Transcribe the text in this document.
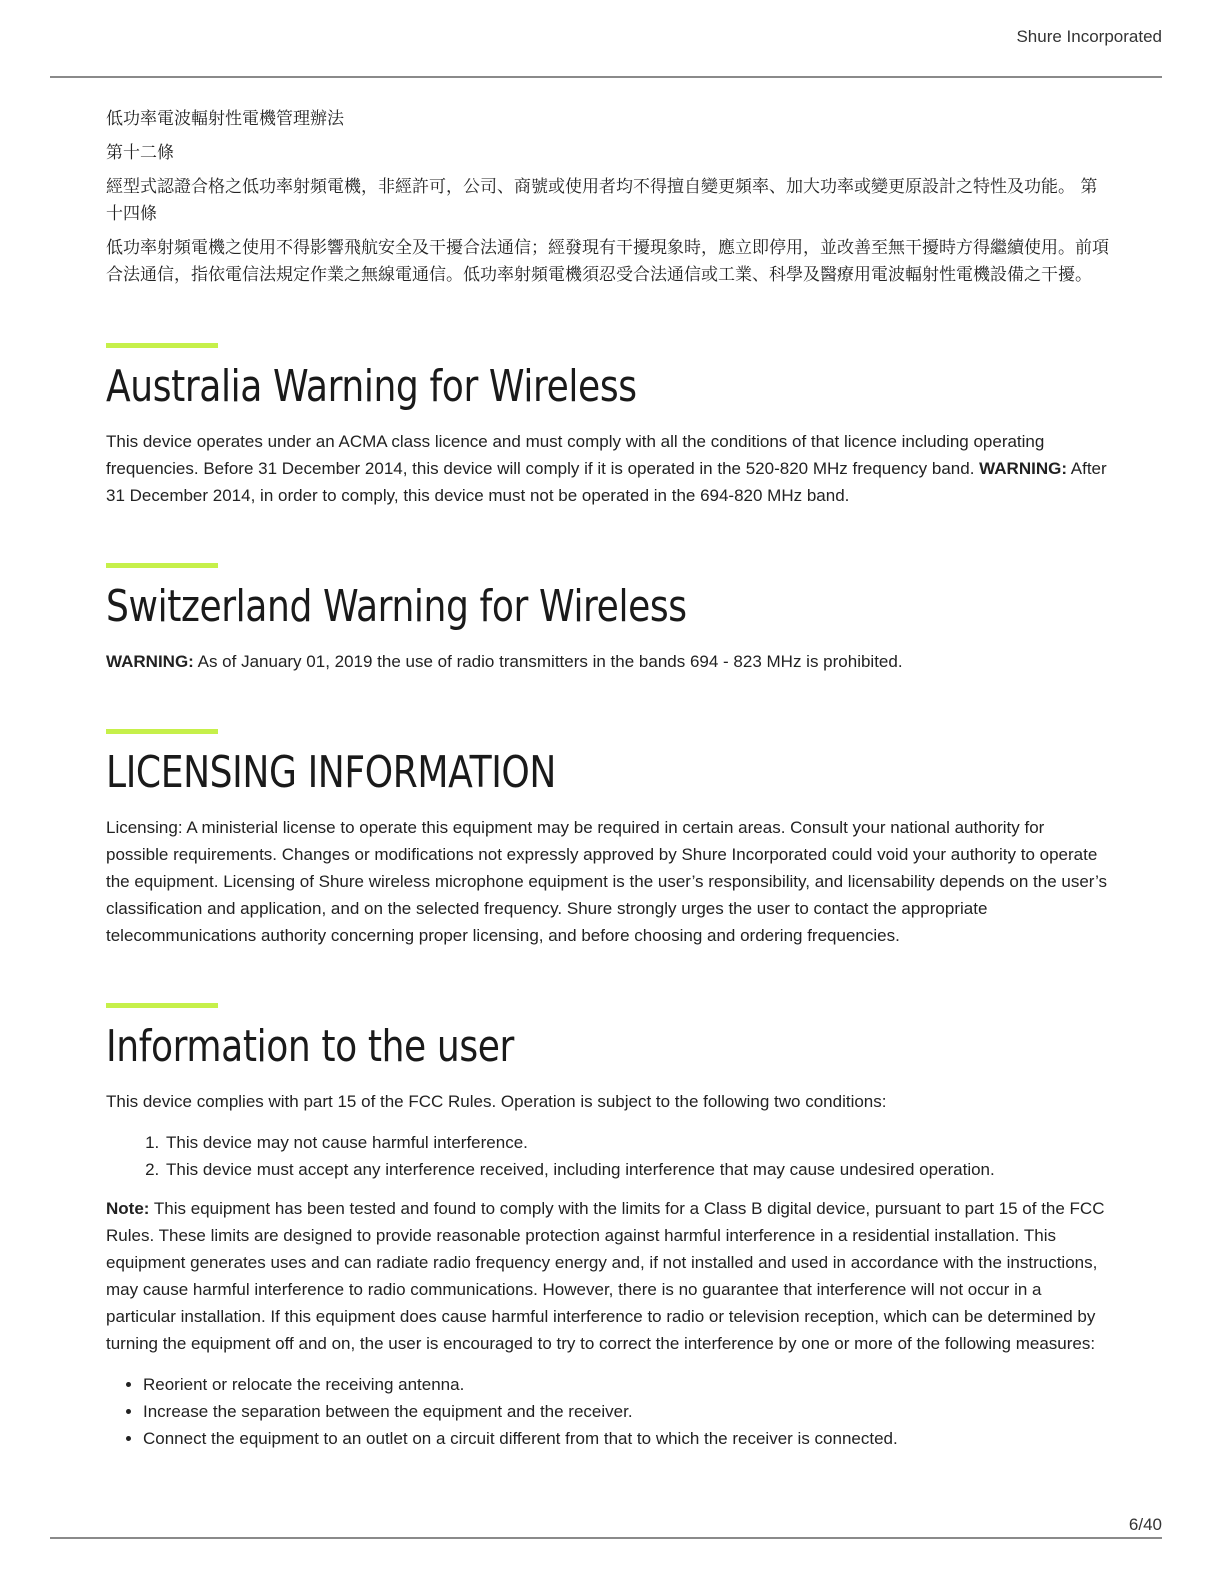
Shure Incorporated

低功率電波輻射性電機管理辦法

第十二條

經型式認證合格之低功率射頻電機，非經許可，公司、商號或使用者均不得擅自變更頻率、加大功率或變更原設計之特性及功能。 第十四條

低功率射頻電機之使用不得影響飛航安全及干擾合法通信；經發現有干擾現象時，應立即停用，並改善至無干擾時方得繼續使用。前項合法通信，指依電信法規定作業之無線電通信。低功率射頻電機須忍受合法通信或工業、科學及醫療用電波輻射性電機設備之干擾。

Australia Warning for Wireless

This device operates under an ACMA class licence and must comply with all the conditions of that licence including operating frequencies. Before 31 December 2014, this device will comply if it is operated in the 520-820 MHz frequency band. WARNING: After 31 December 2014, in order to comply, this device must not be operated in the 694-820 MHz band.

Switzerland Warning for Wireless

WARNING: As of January 01, 2019 the use of radio transmitters in the bands 694 - 823 MHz is prohibited.

LICENSING INFORMATION

Licensing: A ministerial license to operate this equipment may be required in certain areas. Consult your national authority for possible requirements. Changes or modifications not expressly approved by Shure Incorporated could void your authority to operate the equipment. Licensing of Shure wireless microphone equipment is the user’s responsibility, and licensability depends on the user’s classification and application, and on the selected frequency. Shure strongly urges the user to contact the appropriate telecommunications authority concerning proper licensing, and before choosing and ordering frequencies.

Information to the user

This device complies with part 15 of the FCC Rules. Operation is subject to the following two conditions:

1. This device may not cause harmful interference.
2. This device must accept any interference received, including interference that may cause undesired operation.

Note: This equipment has been tested and found to comply with the limits for a Class B digital device, pursuant to part 15 of the FCC Rules. These limits are designed to provide reasonable protection against harmful interference in a residential installation. This equipment generates uses and can radiate radio frequency energy and, if not installed and used in accordance with the instructions, may cause harmful interference to radio communications. However, there is no guarantee that interference will not occur in a particular installation. If this equipment does cause harmful interference to radio or television reception, which can be determined by turning the equipment off and on, the user is encouraged to try to correct the interference by one or more of the following measures:

• Reorient or relocate the receiving antenna.
• Increase the separation between the equipment and the receiver.
• Connect the equipment to an outlet on a circuit different from that to which the receiver is connected.
6/40
